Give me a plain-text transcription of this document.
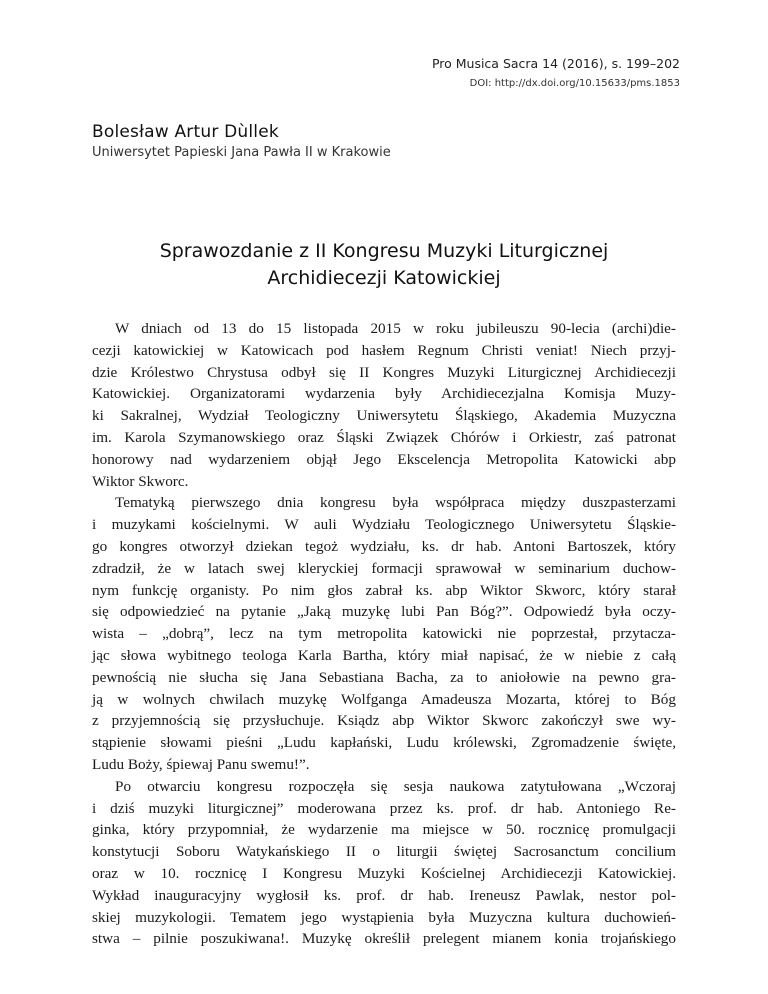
Pro Musica Sacra 14 (2016), s. 199–202
DOI: http://dx.doi.org/10.15633/pms.1853
Bolesław Artur Dùllek
Uniwersytet Papieski Jana Pawła II w Krakowie
Sprawozdanie z II Kongresu Muzyki Liturgicznej
Archidiecezji Katowickiej
W dniach od 13 do 15 listopada 2015 w roku jubileuszu 90-lecia (archi)die-
cezji katowickiej w Katowicach pod hasłem Regnum Christi veniat! Niech przyj-
dzie Królestwo Chrystusa odbył się II Kongres Muzyki Liturgicznej Archidiecezji
Katowickiej. Organizatorami wydarzenia były Archidiecezjalna Komisja Muzy-
ki Sakralnej, Wydział Teologiczny Uniwersytetu Śląskiego, Akademia Muzyczna
im. Karola Szymanowskiego oraz Śląski Związek Chórów i Orkiestr, zaś patronat
honorowy nad wydarzeniem objął Jego Ekscelencja Metropolita Katowicki abp
Wiktor Skworc.
Tematyką pierwszego dnia kongresu była współpraca między duszpasterzami
i muzykami kościelnymi. W auli Wydziału Teologicznego Uniwersytetu Śląskie-
go kongres otworzył dziekan tegoż wydziału, ks. dr hab. Antoni Bartoszek, który
zdradził, że w latach swej kleryckiej formacji sprawował w seminarium duchow-
nym funkcję organisty. Po nim głos zabrał ks. abp Wiktor Skworc, który starał
się odpowiedzieć na pytanie „Jaką muzykę lubi Pan Bóg?”. Odpowiedź była oczy-
wista – „dobrą”, lecz na tym metropolita katowicki nie poprzestał, przytacza-
jąc słowa wybitnego teologa Karla Bartha, który miał napisać, że w niebie z całą
pewnością nie słucha się Jana Sebastiana Bacha, za to aniołowie na pewno gra-
ją w wolnych chwilach muzykę Wolfganga Amadeusza Mozarta, której to Bóg
z przyjemnością się przysłuchuje. Ksiądz abp Wiktor Skworc zakończył swe wy-
stąpienie słowami pieśni „Ludu kapłański, Ludu królewski, Zgromadzenie święte,
Ludu Boży, śpiewaj Panu swemu!”.
Po otwarciu kongresu rozpoczęła się sesja naukowa zatytułowana „Wczoraj
i dziś muzyki liturgicznej” moderowana przez ks. prof. dr hab. Antoniego Re-
ginka, który przypomniał, że wydarzenie ma miejsce w 50. rocznicę promulgacji
konstytucji Soboru Watykańskiego II o liturgii świętej Sacrosanctum concilium
oraz w 10. rocznicę I Kongresu Muzyki Kościelnej Archidiecezji Katowickiej.
Wykład inauguracyjny wygłosił ks. prof. dr hab. Ireneusz Pawlak, nestor pol-
skiej muzykologii. Tematem jego wystąpienia była Muzyczna kultura duchowień-
stwa – pilnie poszukiwana!. Muzykę określił prelegent mianem konia trojańskiego
